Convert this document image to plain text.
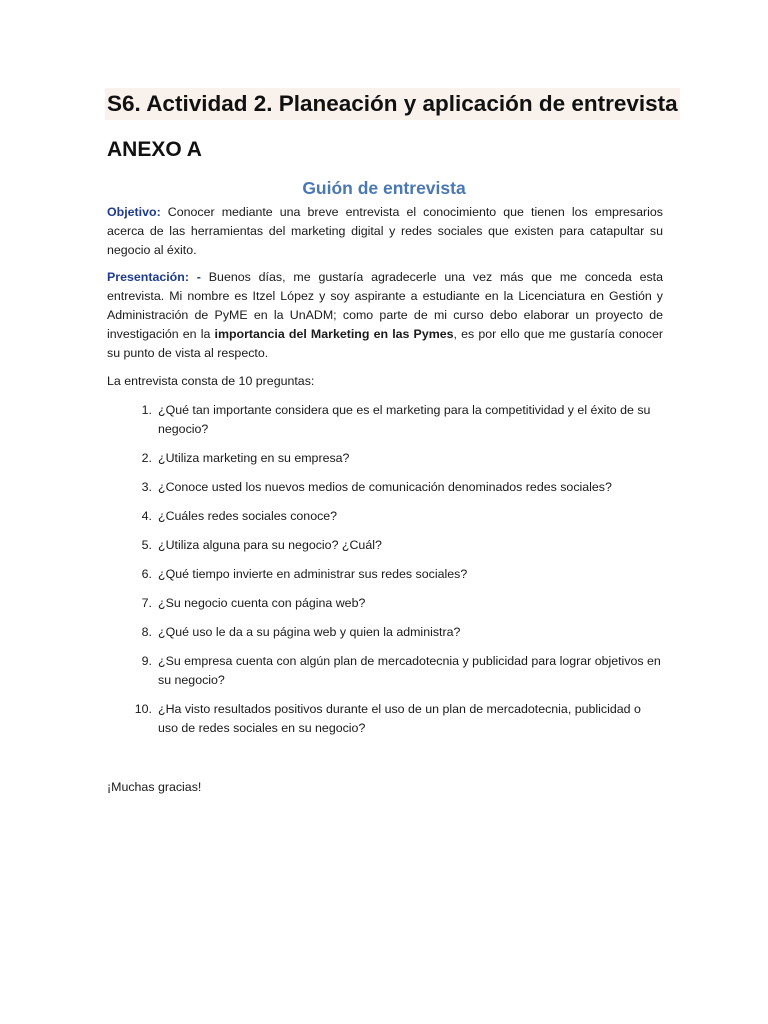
S6. Actividad 2. Planeación y aplicación de entrevista
ANEXO A
Guión de entrevista

Objetivo: Conocer mediante una breve entrevista el conocimiento que tienen los empresarios acerca de las herramientas del marketing digital y redes sociales que existen para catapultar su negocio al éxito.

Presentación: - Buenos días, me gustaría agradecerle una vez más que me conceda esta entrevista. Mi nombre es Itzel López y soy aspirante a estudiante en la Licenciatura en Gestión y Administración de PyME en la UnADM; como parte de mi curso debo elaborar un proyecto de investigación en la importancia del Marketing en las Pymes, es por ello que me gustaría conocer su punto de vista al respecto.

La entrevista consta de 10 preguntas:

1. ¿Qué tan importante considera que es el marketing para la competitividad y el éxito de su negocio?
2. ¿Utiliza marketing en su empresa?
3. ¿Conoce usted los nuevos medios de comunicación denominados redes sociales?
4. ¿Cuáles redes sociales conoce?
5. ¿Utiliza alguna para su negocio? ¿Cuál?
6. ¿Qué tiempo invierte en administrar sus redes sociales?
7. ¿Su negocio cuenta con página web?
8. ¿Qué uso le da a su página web y quien la administra?
9. ¿Su empresa cuenta con algún plan de mercadotecnia y publicidad para lograr objetivos en su negocio?
10. ¿Ha visto resultados positivos durante el uso de un plan de mercadotecnia, publicidad o uso de redes sociales en su negocio?

¡Muchas gracias!
